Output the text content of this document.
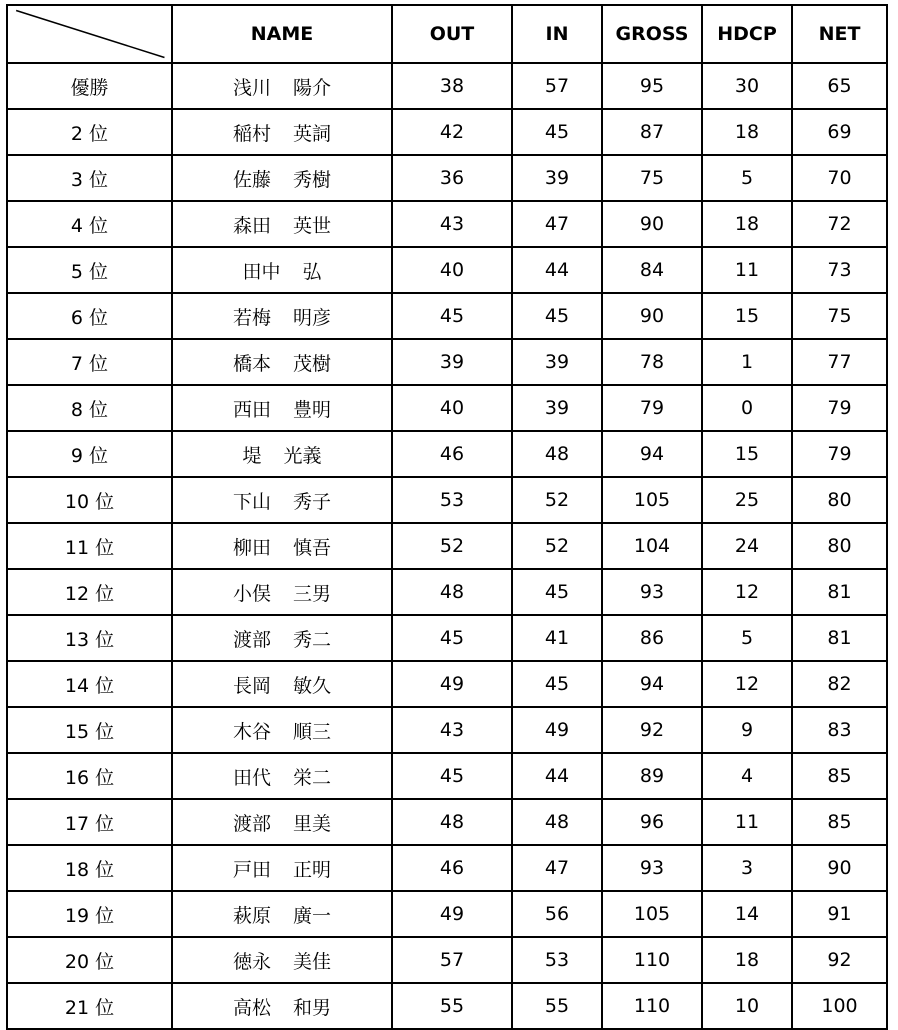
	NAME	OUT	IN	GROSS	HDCP	NET
優勝	浅川 陽介	38	57	95	30	65
2 位	稲村 英詞	42	45	87	18	69
3 位	佐藤 秀樹	36	39	75	5	70
4 位	森田 英世	43	47	90	18	72
5 位	田中 弘	40	44	84	11	73
6 位	若梅 明彦	45	45	90	15	75
7 位	橋本 茂樹	39	39	78	1	77
8 位	西田 豊明	40	39	79	0	79
9 位	堤 光義	46	48	94	15	79
10 位	下山 秀子	53	52	105	25	80
11 位	柳田 慎吾	52	52	104	24	80
12 位	小俣 三男	48	45	93	12	81
13 位	渡部 秀二	45	41	86	5	81
14 位	長岡 敏久	49	45	94	12	82
15 位	木谷 順三	43	49	92	9	83
16 位	田代 栄二	45	44	89	4	85
17 位	渡部 里美	48	48	96	11	85
18 位	戸田 正明	46	47	93	3	90
19 位	萩原 廣一	49	56	105	14	91
20 位	徳永 美佳	57	53	110	18	92
21 位	高松 和男	55	55	110	10	100
